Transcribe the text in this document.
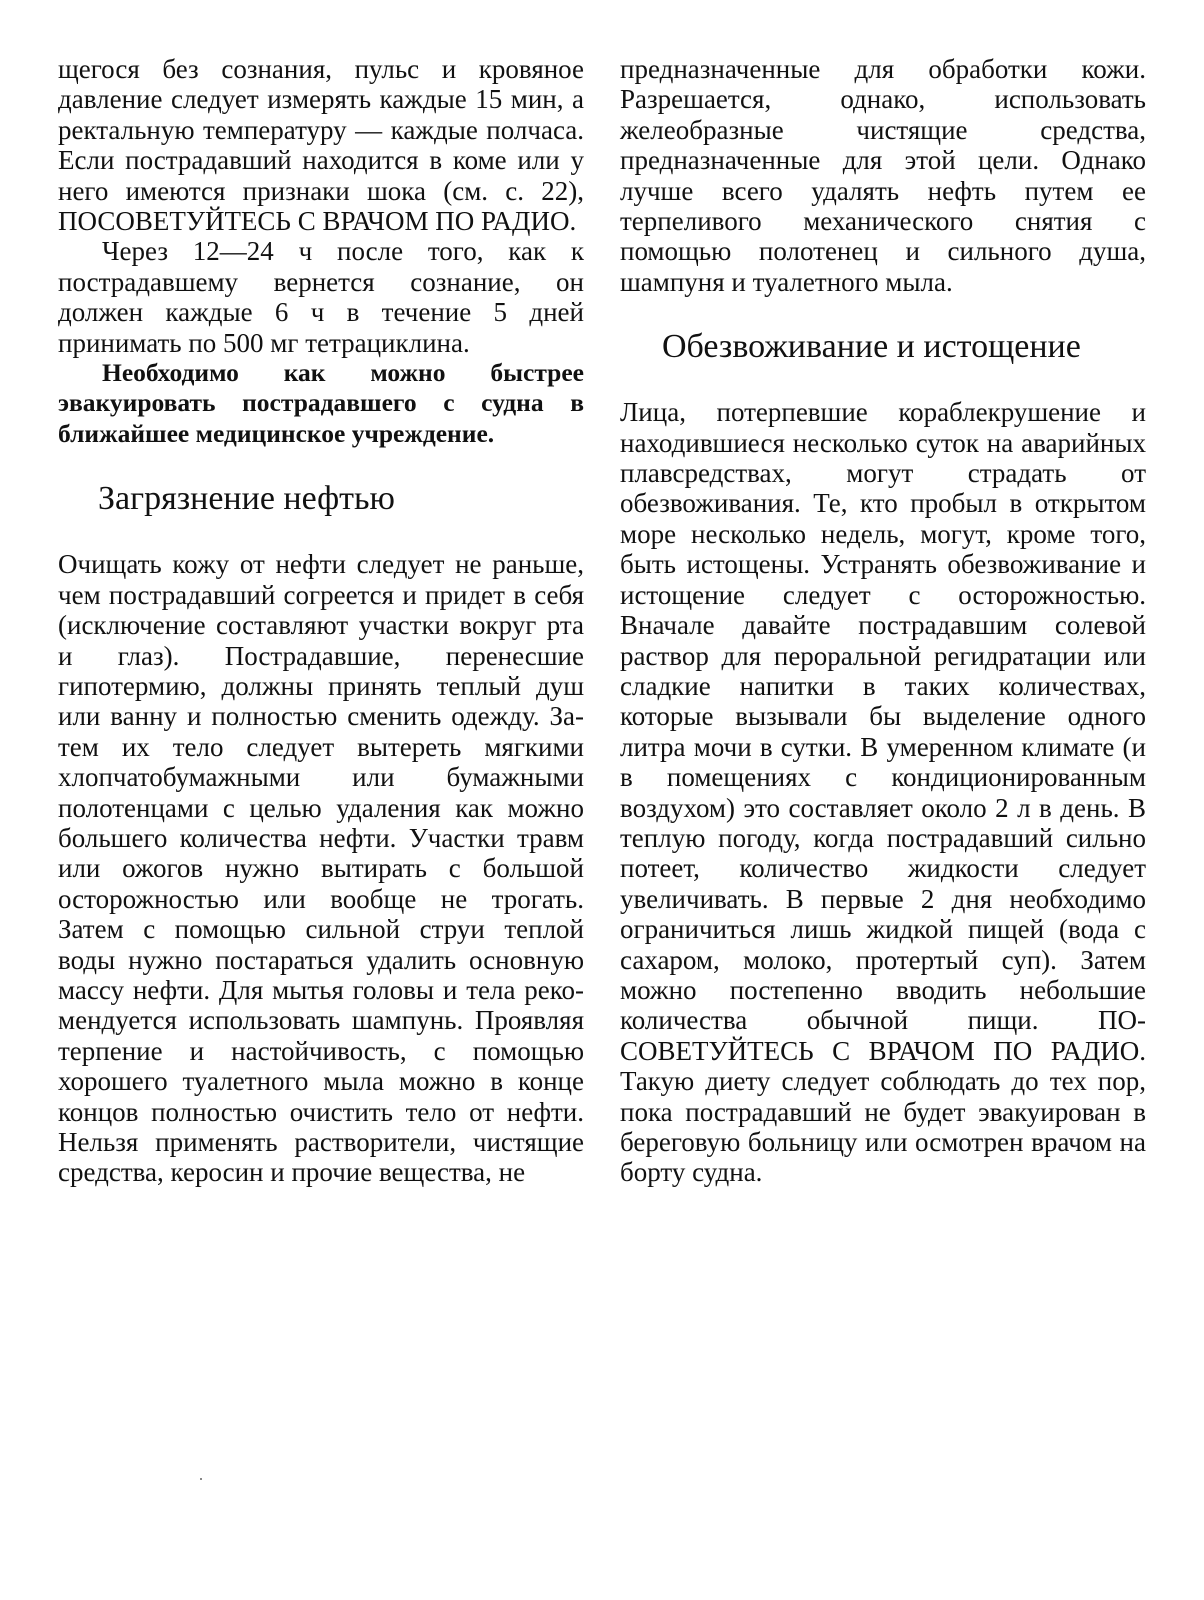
щегося без сознания, пульс и кровяное давление следует измерять каждые 15 мин, а ректальную температуру — каждые полчаса. Если пострадавший находится в коме или у него имеются признаки шока (см. с. 22), ПОСОВЕТУЙТЕСЬ С ВРАЧОМ ПО РАДИО.

Через 12—24 ч после того, как к пострадавшему вернется сознание, он должен каждые 6 ч в течение 5 дней принимать по 500 мг тетрациклина.

Необходимо как можно быстрее эвакуировать пострадавшего с судна в ближайшее медицинское учреждение.

Загрязнение нефтью

Очищать кожу от нефти следует не раньше, чем пострадавший согреется и придет в себя (исключение составляют участки вокруг рта и глаз). Пострадавшие, перенесшие гипотермию, должны принять теплый душ или ванну и полностью сменить одежду. Затем их тело следует вытереть мягкими хлопчатобумажными или бумажными полотенцами с целью удаления как можно большего количества нефти. Участки травм или ожогов нужно вытирать с большой осторожностью или вообще не трогать. Затем с помощью сильной струи теплой воды нужно постараться удалить основную массу нефти. Для мытья головы и тела рекомендуется использовать шампунь. Проявляя терпение и настойчивость, с помощью хорошего туалетного мыла можно в конце концов полностью очистить тело от нефти. Нельзя применять растворители, чистящие средства, керосин и прочие вещества, не

предназначенные для обработки кожи. Разрешается, однако, использовать желеобразные чистящие средства, предназначенные для этой цели. Однако лучше всего удалять нефть путем ее терпеливого механического снятия с помощью полотенец и сильного душа, шампуня и туалетного мыла.

Обезвоживание и истощение

Лица, потерпевшие кораблекрушение и находившиеся несколько суток на аварийных плавсредствах, могут страдать от обезвоживания. Те, кто пробыл в открытом море несколько недель, могут, кроме того, быть истощены. Устранять обезвоживание и истощение следует с осторожностью. Вначале давайте пострадавшим солевой раствор для пероральной регидратации или сладкие напитки в таких количествах, которые вызывали бы выделение одного литра мочи в сутки. В умеренном климате (и в помещениях с кондиционированным воздухом) это составляет около 2 л в день. В теплую погоду, когда пострадавший сильно потеет, количество жидкости следует увеличивать. В первые 2 дня необходимо ограничиться лишь жидкой пищей (вода с сахаром, молоко, протертый суп). Затем можно постепенно вводить небольшие количества обычной пищи. ПОСОВЕТУЙТЕСЬ С ВРАЧОМ ПО РАДИО. Такую диету следует соблюдать до тех пор, пока пострадавший не будет эвакуирован в береговую больницу или осмотрен врачом на борту судна.
